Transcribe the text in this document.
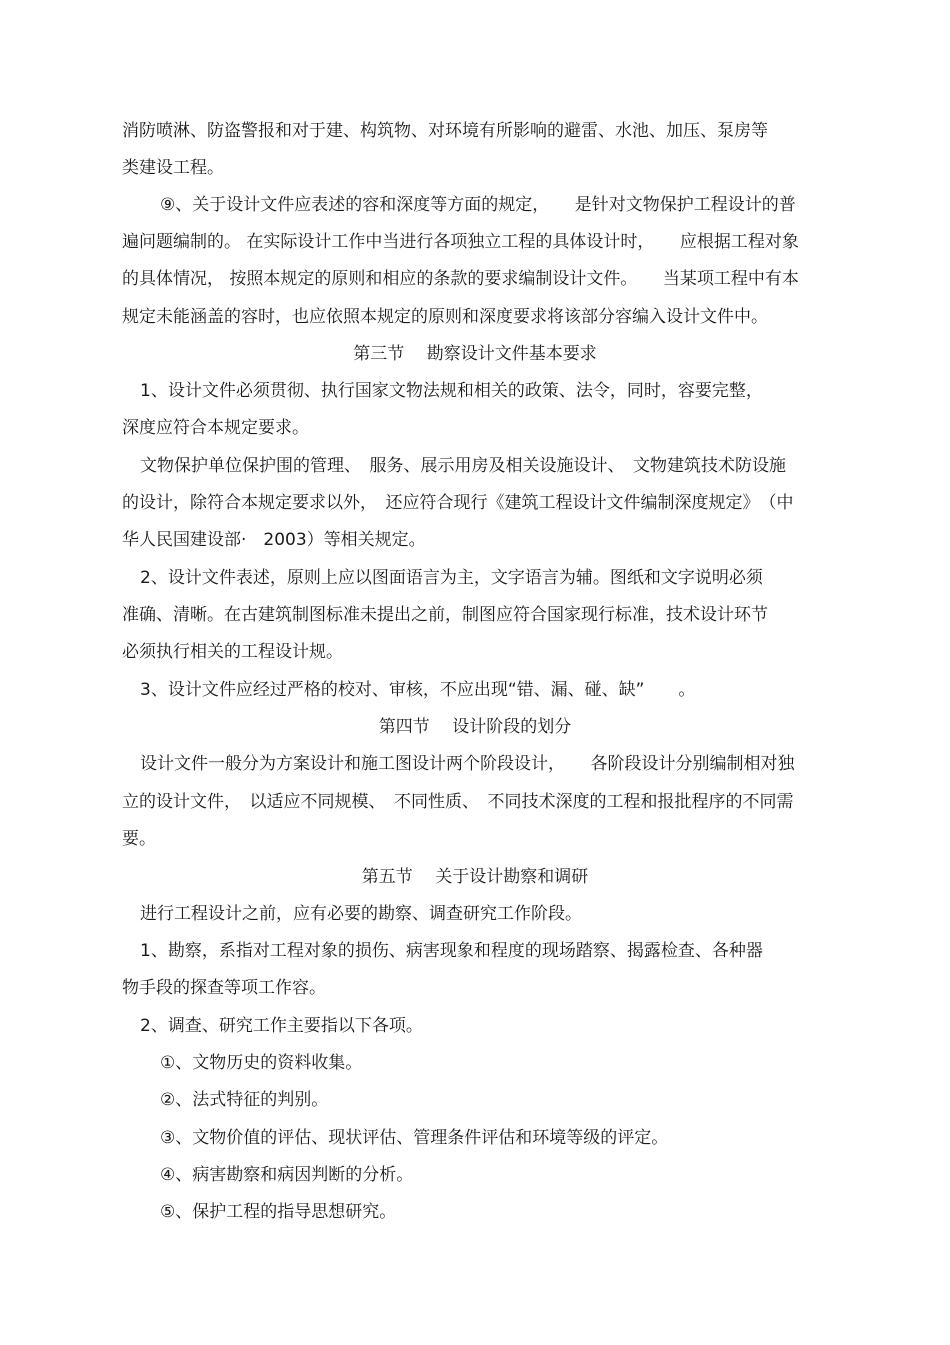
消防喷淋、防盗警报和对于建、构筑物、对环境有所影响的避雷、水池、加压、泵房等
类建设工程。
⑨、关于设计文件应表述的容和深度等方面的规定，　　是针对文物保护工程设计的普
遍问题编制的。 在实际设计工作中当进行各项独立工程的具体设计时，　　应根据工程对象
的具体情况， 按照本规定的原则和相应的条款的要求编制设计文件。　　当某项工程中有本
规定未能涵盖的容时，也应依照本规定的原则和深度要求将该部分容编入设计文件中。
第三节　 勘察设计文件基本要求
1、设计文件必须贯彻、执行国家文物法规和相关的政策、法令，同时，容要完整，
深度应符合本规定要求。
文物保护单位保护围的管理、　服务、展示用房及相关设施设计、　文物建筑技术防设施
的设计，除符合本规定要求以外，　还应符合现行《建筑工程设计文件编制深度规定》　（中
华人民国建设部·　2003）等相关规定。
2、设计文件表述，原则上应以图面语言为主，文字语言为辅。图纸和文字说明必须
准确、清晰。在古建筑制图标准未提出之前，制图应符合国家现行标准，技术设计环节
必须执行相关的工程设计规。
3、设计文件应经过严格的校对、审核，不应出现“错、漏、碰、缺”　　。
第四节　 设计阶段的划分
设计文件一般分为方案设计和施工图设计两个阶段设计，　　各阶段设计分别编制相对独
立的设计文件，　以适应不同规模、　不同性质、　不同技术深度的工程和报批程序的不同需
要。
第五节　 关于设计勘察和调研
进行工程设计之前，应有必要的勘察、调查研究工作阶段。
1、勘察，系指对工程对象的损伤、病害现象和程度的现场踏察、揭露检查、各种器
物手段的探查等项工作容。
2、调查、研究工作主要指以下各项。
①、文物历史的资料收集。
②、法式特征的判别。
③、文物价值的评估、现状评估、管理条件评估和环境等级的评定。
④、病害勘察和病因判断的分析。
⑤、保护工程的指导思想研究。
